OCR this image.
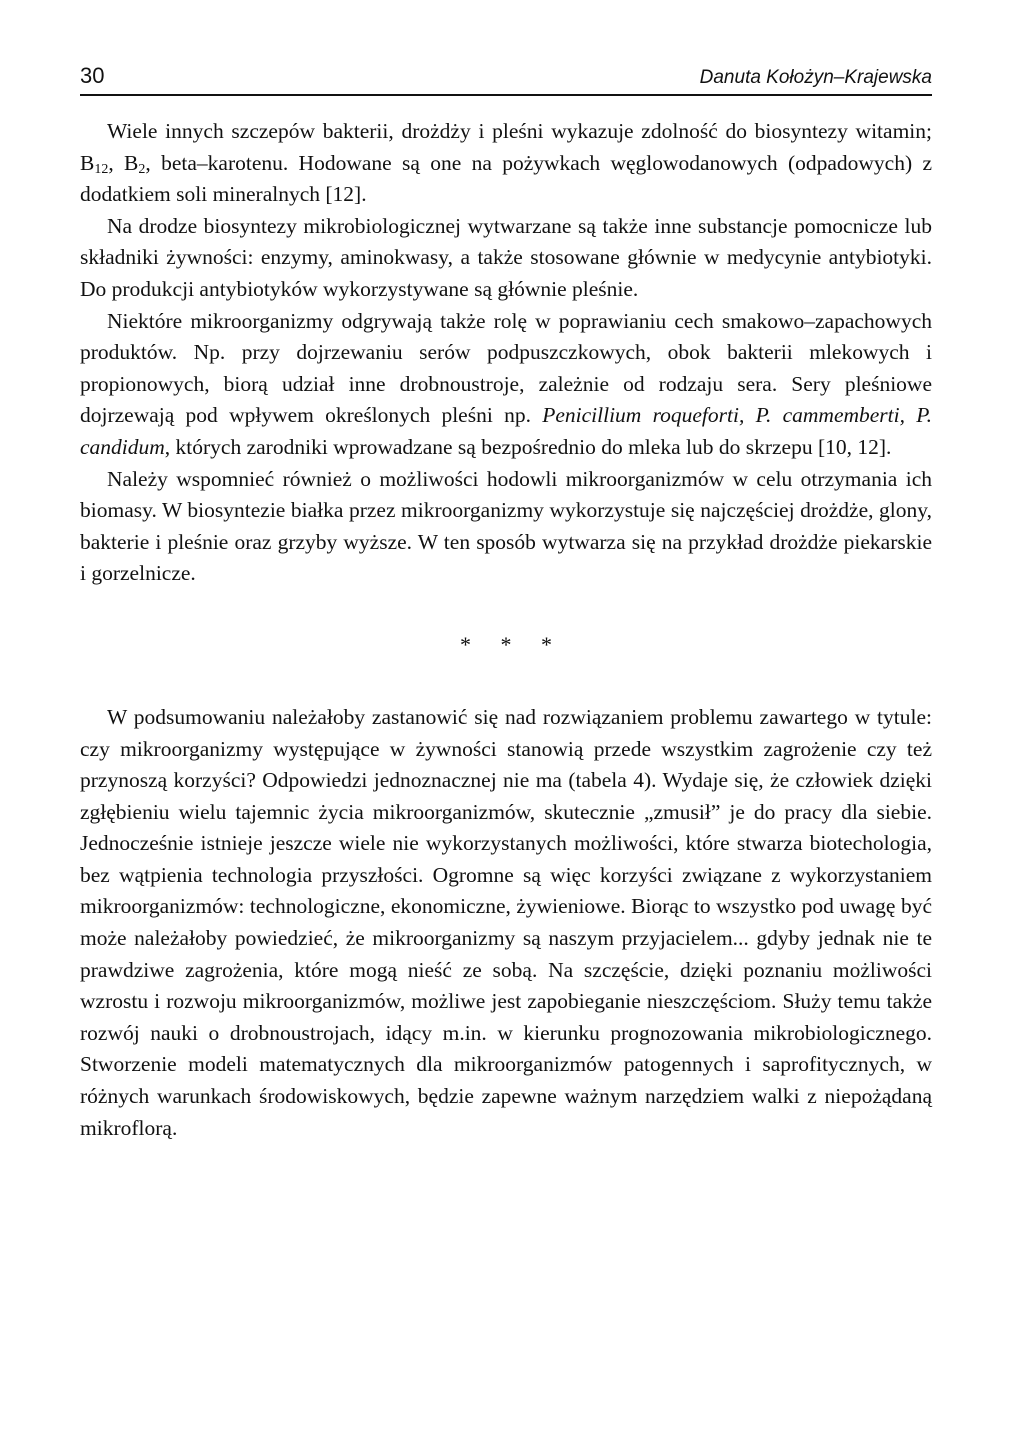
30	Danuta Kołożyn–Krajewska

Wiele innych szczepów bakterii, drożdży i pleśni wykazuje zdolność do biosyntezy witamin; $B_{12}$, $B_2$, beta–karotenu. Hodowane są one na pożywkach węglowodanowych (odpadowych) z dodatkiem soli mineralnych [12].

Na drodze biosyntezy mikrobiologicznej wytwarzane są także inne substancje pomocnicze lub składniki żywności: enzymy, aminokwasy, a także stosowane głównie w medycynie antybiotyki. Do produkcji antybiotyków wykorzystywane są głównie pleśnie.

Niektóre mikroorganizmy odgrywają także rolę w poprawianiu cech smakowo–zapachowych produktów. Np. przy dojrzewaniu serów podpuszczkowych, obok bakterii mlekowych i propionowych, biorą udział inne drobnoustroje, zależnie od rodzaju sera. Sery pleśniowe dojrzewają pod wpływem określonych pleśni np. Penicillium roqueforti, P. cammemberti, P. candidum, których zarodniki wprowadzane są bezpośrednio do mleka lub do skrzepu [10, 12].

Należy wspomnieć również o możliwości hodowli mikroorganizmów w celu otrzymania ich biomasy. W biosyntezie białka przez mikroorganizmy wykorzystuje się najczęściej drożdże, glony, bakterie i pleśnie oraz grzyby wyższe. W ten sposób wytwarza się na przykład drożdże piekarskie i gorzelnicze.

* * *

W podsumowaniu należałoby zastanowić się nad rozwiązaniem problemu zawartego w tytule: czy mikroorganizmy występujące w żywności stanowią przede wszystkim zagrożenie czy też przynoszą korzyści? Odpowiedzi jednoznacznej nie ma (tabela 4). Wydaje się, że człowiek dzięki zgłębieniu wielu tajemnic życia mikroorganizmów, skutecznie „zmusił” je do pracy dla siebie. Jednocześnie istnieje jeszcze wiele nie wykorzystanych możliwości, które stwarza biotechologia, bez wątpienia technologia przyszłości. Ogromne są więc korzyści związane z wykorzystaniem mikroorganizmów: technologiczne, ekonomiczne, żywieniowe. Biorąc to wszystko pod uwagę być może należałoby powiedzieć, że mikroorganizmy są naszym przyjacielem... gdyby jednak nie te prawdziwe zagrożenia, które mogą nieść ze sobą. Na szczęście, dzięki poznaniu możliwości wzrostu i rozwoju mikroorganizmów, możliwe jest zapobieganie nieszczęściom. Służy temu także rozwój nauki o drobnoustrojach, idący m.in. w kierunku prognozowania mikrobiologicznego. Stworzenie modeli matematycznych dla mikroorganizmów patogennych i saprofitycznych, w różnych warunkach środowiskowych, będzie zapewne ważnym narzędziem walki z niepożądaną mikroflorą.
